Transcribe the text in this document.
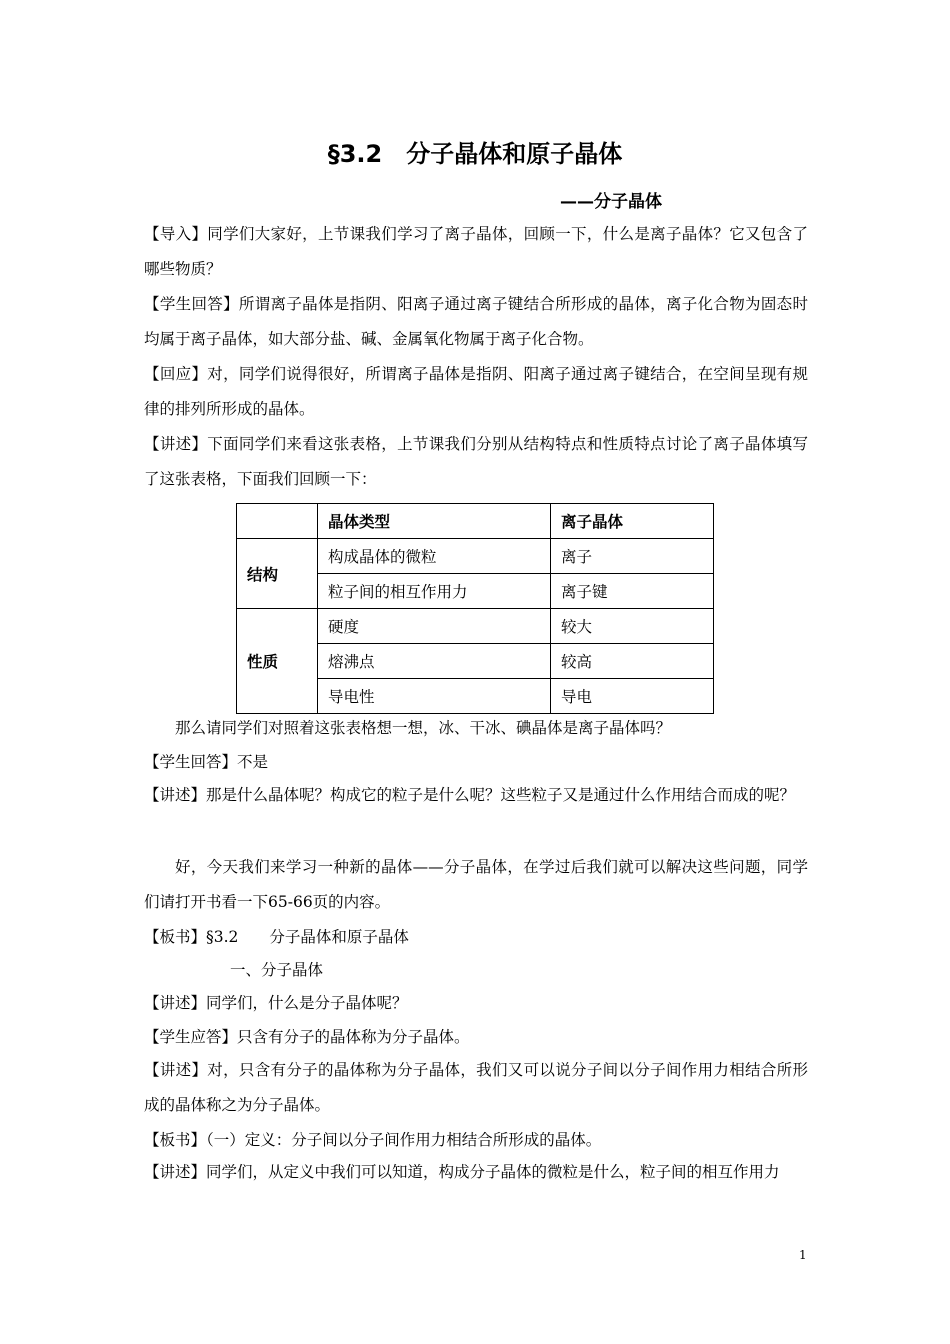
§3.2　分子晶体和原子晶体
——分子晶体

【导入】同学们大家好，上节课我们学习了离子晶体，回顾一下，什么是离子晶体？它又包含了哪些物质？

【学生回答】所谓离子晶体是指阴、阳离子通过离子键结合所形成的晶体，离子化合物为固态时均属于离子晶体，如大部分盐、碱、金属氧化物属于离子化合物。

【回应】对，同学们说得很好，所谓离子晶体是指阴、阳离子通过离子键结合，在空间呈现有规律的排列所形成的晶体。

【讲述】下面同学们来看这张表格，上节课我们分别从结构特点和性质特点讨论了离子晶体填写了这张表格，下面我们回顾一下：

	晶体类型	离子晶体
结构	构成晶体的微粒	离子
	粒子间的相互作用力	离子键
性质	硬度	较大
	熔沸点	较高
	导电性	导电

那么请同学们对照着这张表格想一想，冰、干冰、碘晶体是离子晶体吗？

【学生回答】不是

【讲述】那是什么晶体呢？构成它的粒子是什么呢？这些粒子又是通过什么作用结合而成的呢？

好，今天我们来学习一种新的晶体——分子晶体，在学过后我们就可以解决这些问题，同学们请打开书看一下65-66页的内容。

【板书】§3.2　　分子晶体和原子晶体
一、分子晶体

【讲述】同学们，什么是分子晶体呢？

【学生应答】只含有分子的晶体称为分子晶体。

【讲述】对，只含有分子的晶体称为分子晶体，我们又可以说分子间以分子间作用力相结合所形成的晶体称之为分子晶体。

【板书】（一）定义：分子间以分子间作用力相结合所形成的晶体。

【讲述】同学们，从定义中我们可以知道，构成分子晶体的微粒是什么，粒子间的相互作用力

1
